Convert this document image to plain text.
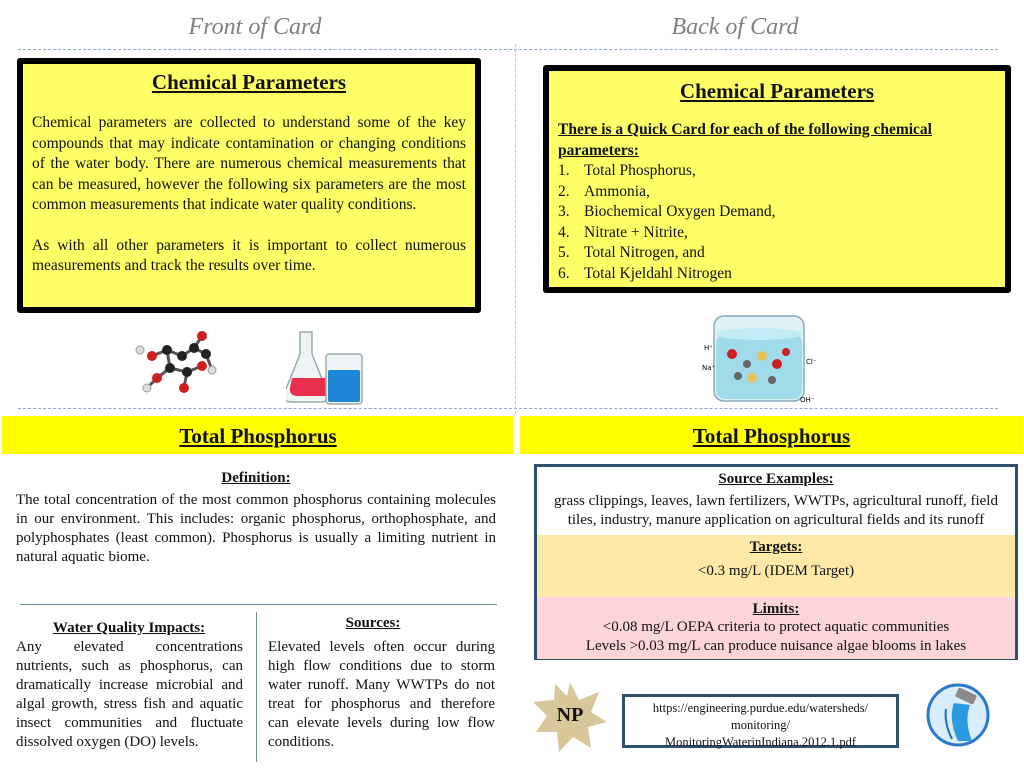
Front of Card	Back of Card
Chemical Parameters
Chemical parameters are collected to understand some of the key compounds that may indicate contamination or changing conditions of the water body. There are numerous chemical measurements that can be measured, however the following six parameters are the most common measurements that indicate water quality conditions.
As with all other parameters it is important to collect numerous measurements and track the results over time.
Chemical Parameters
There is a Quick Card for each of the following chemical parameters:
1. Total Phosphorus,
2. Ammonia,
3. Biochemical Oxygen Demand,
4. Nitrate + Nitrite,
5. Total Nitrogen, and
6. Total Kjeldahl Nitrogen
H⁺
Na⁺
Cl⁻
OH⁻
Total Phosphorus
Definition:
The total concentration of the most common phosphorus containing molecules in our environment. This includes: organic phosphorus, orthophosphate, and polyphosphates (least common). Phosphorus is usually a limiting nutrient in natural aquatic biome.
Water Quality Impacts:
Any elevated concentrations nutrients, such as phosphorus, can dramatically increase microbial and algal growth, stress fish and aquatic insect communities and fluctuate dissolved oxygen (DO) levels.
Sources:
Elevated levels often occur during high flow conditions due to storm water runoff. Many WWTPs do not treat for phosphorus and therefore can elevate levels during low flow conditions.
Total Phosphorus
Source Examples:
grass clippings, leaves, lawn fertilizers, WWTPs, agricultural runoff, field tiles, industry, manure application on agricultural fields and its runoff
Targets:
<0.3 mg/L (IDEM Target)
Limits:
<0.08 mg/L OEPA criteria to protect aquatic communities
Levels >0.03 mg/L can produce nuisance algae blooms in lakes
NP	https://engineering.purdue.edu/watersheds/
monitoring/
MonitoringWaterinIndiana.2012.1.pdf
